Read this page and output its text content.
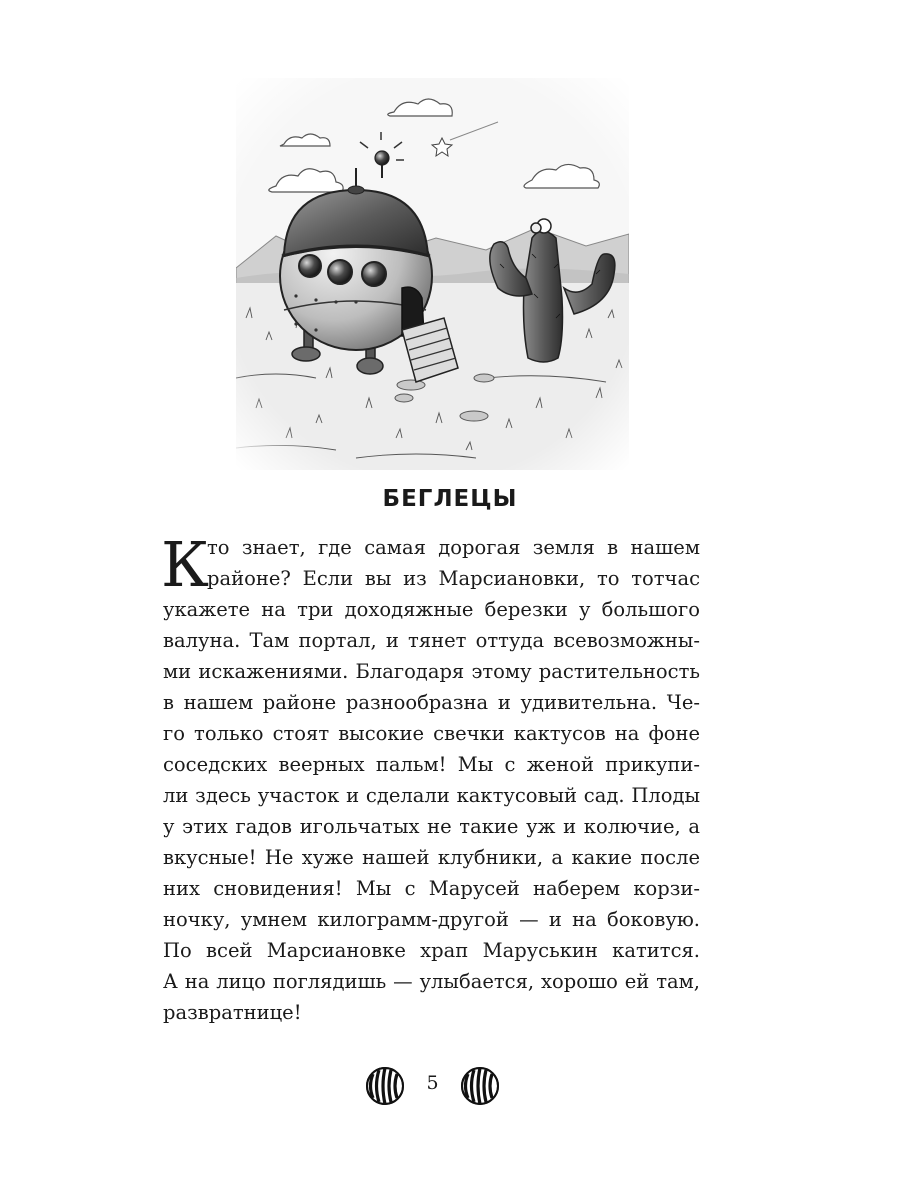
БЕГЛЕЦЫ
К
то знает, где самая дорогая земля в нашем
районе? Если вы из Марсиановки, то тотчас
укажете на три доходяжные березки у большого
валуна. Там портал, и тянет оттуда всевозможны-
ми искажениями. Благодаря этому растительность
в нашем районе разнообразна и удивительна. Че-
го только стоят высокие свечки кактусов на фоне
соседских веерных пальм! Мы с женой прикупи-
ли здесь участок и сделали кактусовый сад. Плоды
у этих гадов игольчатых не такие уж и колючие, а
вкусные! Не хуже нашей клубники, а какие после
них сновидения! Мы с Марусей наберем корзи-
ночку, умнем килограмм-другой — и на боковую.
По всей Марсиановке храп Маруськин катится.
А на лицо поглядишь — улыбается, хорошо ей там,
развратнице!
5
